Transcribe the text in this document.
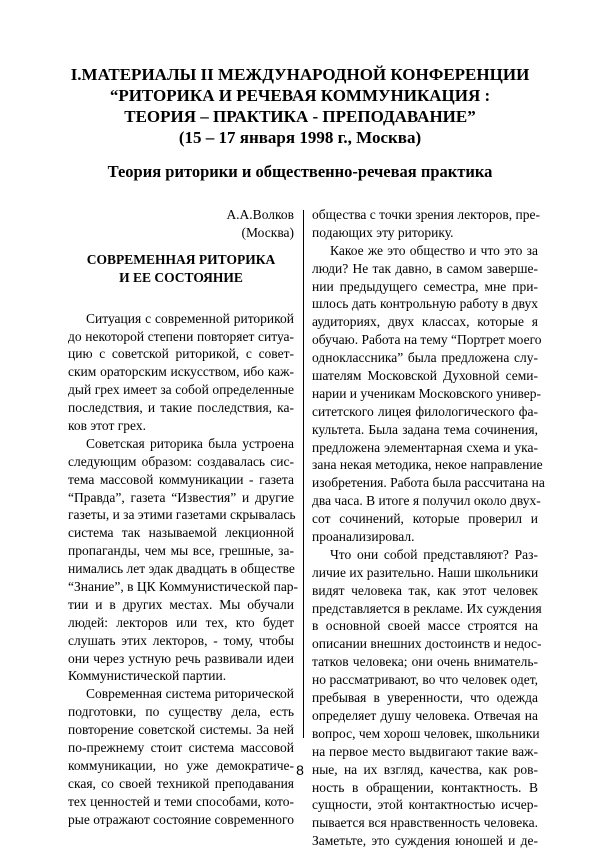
I.МАТЕРИАЛЫ II МЕЖДУНАРОДНОЙ КОНФЕРЕНЦИИ
“РИТОРИКА И РЕЧЕВАЯ КОММУНИКАЦИЯ :
ТЕОРИЯ – ПРАКТИКА - ПРЕПОДАВАНИЕ”
(15 – 17 января 1998 г., Москва)
Теория риторики и общественно-речевая практика
А.А.Волков
(Москва)
СОВРЕМЕННАЯ РИТОРИКА
И ЕЕ СОСТОЯНИЕ
Ситуация с современной риторикой
до некоторой степени повторяет ситуа-
цию с советской риторикой, с совет-
ским ораторским искусством, ибо каж-
дый грех имеет за собой определенные
последствия, и такие последствия, ка-
ков этот грех.
Советская риторика была устроена
следующим образом: создавалась сис-
тема массовой коммуникации - газета
“Правда”, газета “Известия” и другие
газеты, и за этими газетами скрывалась
система так называемой лекционной
пропаганды, чем мы все, грешные, за-
нимались лет эдак двадцать в обществе
“Знание”, в ЦК Коммунистической пар-
тии и в других местах. Мы обучали
людей: лекторов или тех, кто будет
слушать этих лекторов, - тому, чтобы
они через устную речь развивали идеи
Коммунистической партии.
Современная система риторической
подготовки, по существу дела, есть
повторение советской системы. За ней
по-прежнему стоит система массовой
коммуникации, но уже демократиче-
ская, со своей техникой преподавания
тех ценностей и теми способами, кото-
рые отражают состояние современного
общества с точки зрения лекторов, пре-
подающих эту риторику.
Какое же это общество и что это за
люди? Не так давно, в самом заверше-
нии предыдущего семестра, мне при-
шлось дать контрольную работу в двух
аудиториях, двух классах, которые я
обучаю. Работа на тему “Портрет моего
одноклассника” была предложена слу-
шателям Московской Духовной семи-
нарии и ученикам Московского универ-
ситетского лицея филологического фа-
культета. Была задана тема сочинения,
предложена элементарная схема и ука-
зана некая методика, некое направление
изобретения. Работа была рассчитана на
два часа. В итоге я получил около двух-
сот сочинений, которые проверил и
проанализировал.
Что они собой представляют? Раз-
личие их разительно. Наши школьники
видят человека так, как этот человек
представляется в рекламе. Их суждения
в основной своей массе строятся на
описании внешних достоинств и недос-
татков человека; они очень вниматель-
но рассматривают, во что человек одет,
пребывая в уверенности, что одежда
определяет душу человека. Отвечая на
вопрос, чем хорош человек, школьники
на первое место выдвигают такие важ-
ные, на их взгляд, качества, как ров-
ность в обращении, контактность. В
сущности, этой контактностью исчер-
пывается вся нравственность человека.
Заметьте, это суждения юношей и де-
8
